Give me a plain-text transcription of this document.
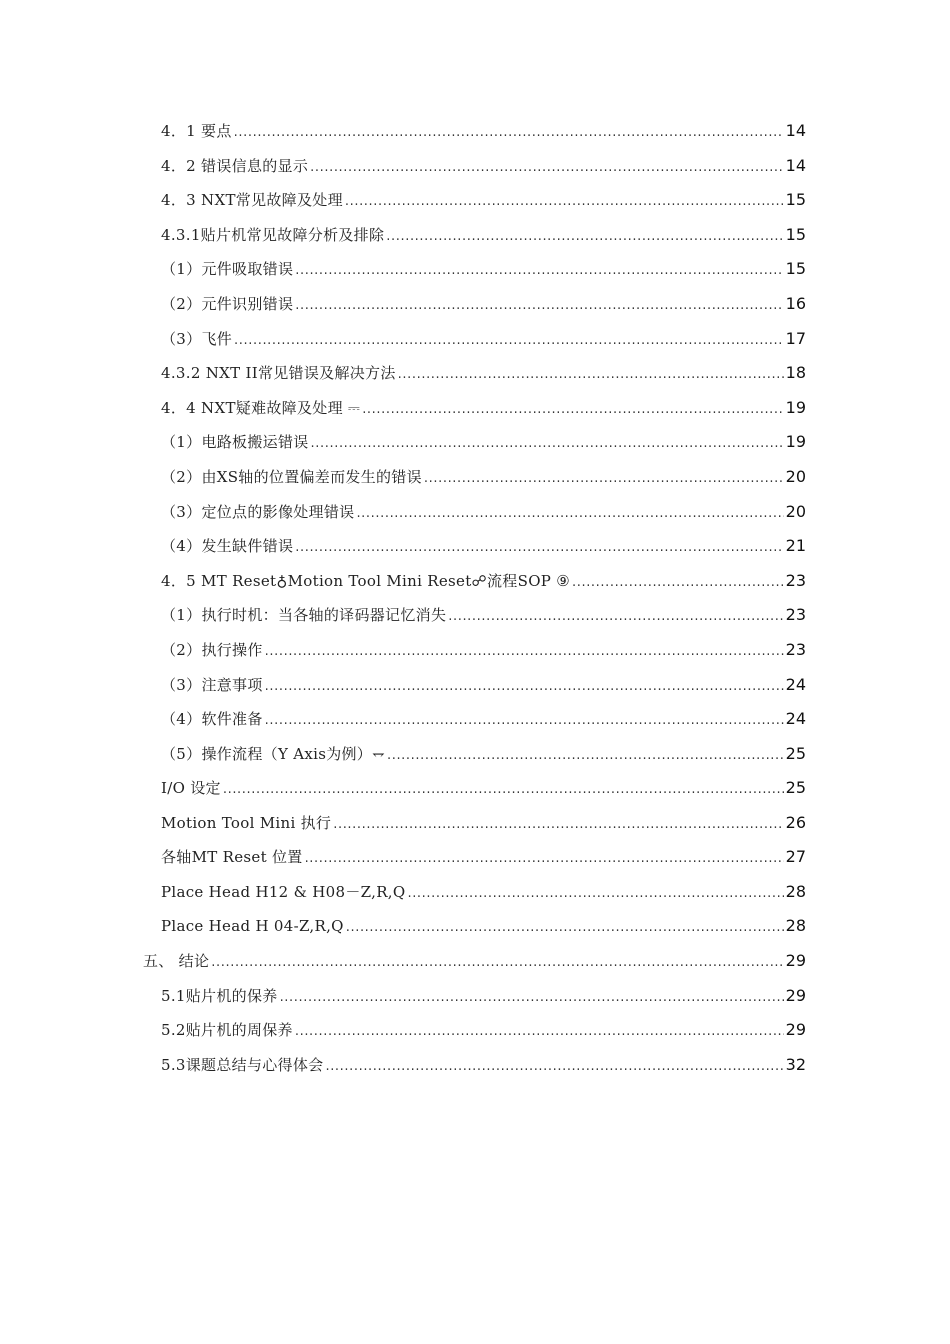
4．1 要点 .....	14
4．2 错误信息的显示 .....	14
4．3 NXT常见故障及处理 .....	15
4.3.1贴片机常见故障分析及排除 .....	15
（1）元件吸取错误 .....	15
（2）元件识别错误 .....	16
（3）飞件 .....	17
4.3.2 NXT II常见错误及解决方法 .....	18
4．4 NXT疑难故障及处理 ⎓ .....	19
（1）电路板搬运错误 .....	19
（2）由XS轴的位置偏差而发生的错误 .....	20
（3）定位点的影像处理错误 .....	20
（4）发生缺件错误 .....	21
4．5 MT Reset♁Motion Tool Mini Reset☍流程SOP ⑨ .....	23
（1）执行时机：当各轴的译码器记忆消失 .....	23
（2）执行操作 .....	23
（3）注意事项 .....	24
（4）软件准备 .....	24
（5）操作流程（Y Axis为例）⥐ .....	25
I/O 设定 .....	25
Motion Tool Mini 执行 .....	26
各轴MT Reset 位置 .....	27
Place Head H12 & H08－Z,R,Q .....	28
Place Head H 04-Z,R,Q .....	28
五、 结论 .....	29
5.1贴片机的保养 .....	29
5.2贴片机的周保养 .....	29
5.3课题总结与心得体会 .....	32
